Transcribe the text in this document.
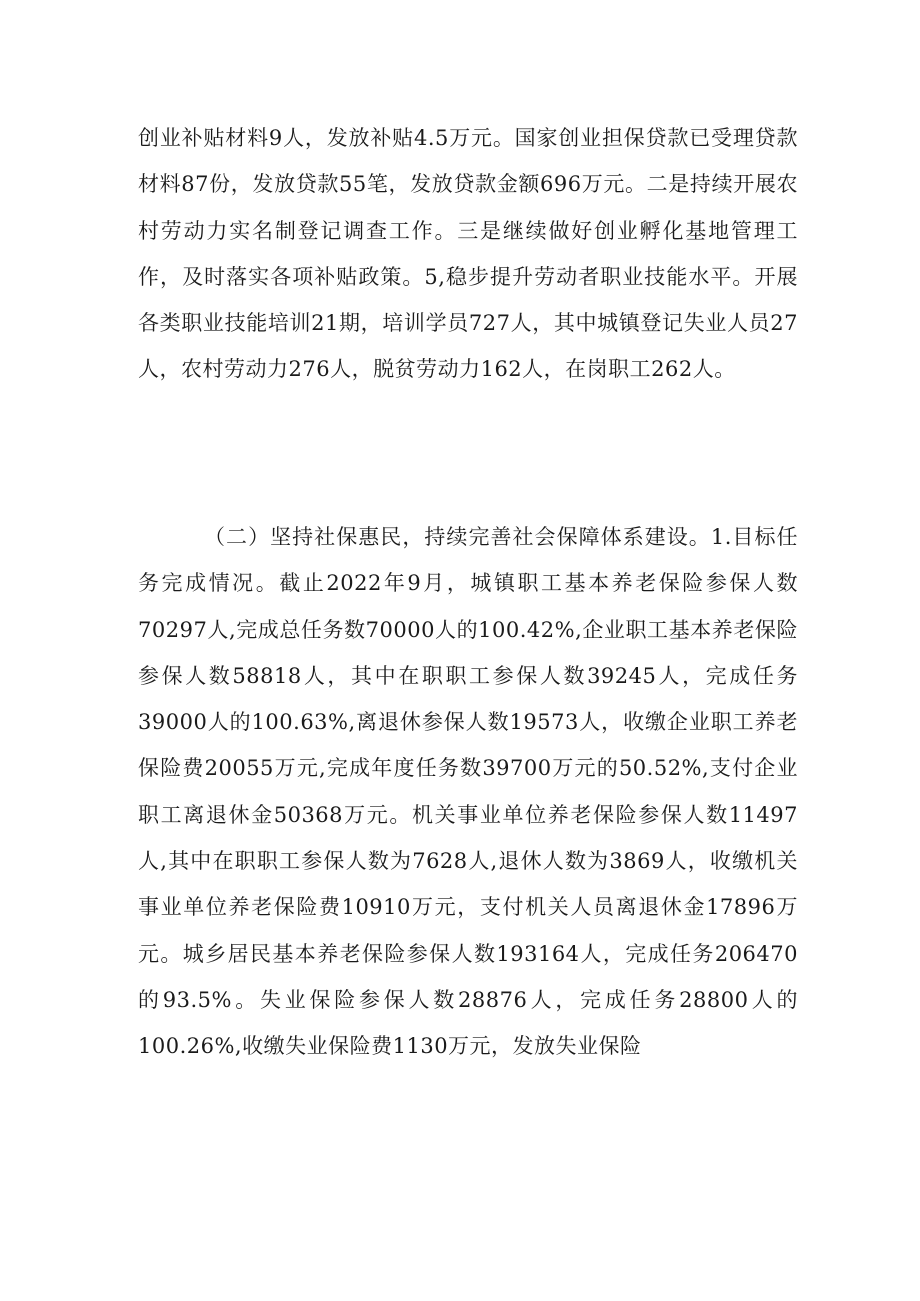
创业补贴材料9人，发放补贴4.5万元。国家创业担保贷款已受理贷款材料87份，发放贷款55笔，发放贷款金额696万元。二是持续开展农村劳动力实名制登记调查工作。三是继续做好创业孵化基地管理工作，及时落实各项补贴政策。5,稳步提升劳动者职业技能水平。开展各类职业技能培训21期，培训学员727人，其中城镇登记失业人员27人，农村劳动力276人，脱贫劳动力162人，在岗职工262人。

（二）坚持社保惠民，持续完善社会保障体系建设。1.目标任务完成情况。截止2022年9月，城镇职工基本养老保险参保人数70297人,完成总任务数70000人的100.42%,企业职工基本养老保险参保人数58818人，其中在职职工参保人数39245人，完成任务39000人的100.63%,离退休参保人数19573人，收缴企业职工养老保险费20055万元,完成年度任务数39700万元的50.52%,支付企业职工离退休金50368万元。机关事业单位养老保险参保人数11497人,其中在职职工参保人数为7628人,退休人数为3869人，收缴机关事业单位养老保险费10910万元，支付机关人员离退休金17896万元。城乡居民基本养老保险参保人数193164人，完成任务206470的93.5%。失业保险参保人数28876人，完成任务28800人的100.26%,收缴失业保险费1130万元，发放失业保险
